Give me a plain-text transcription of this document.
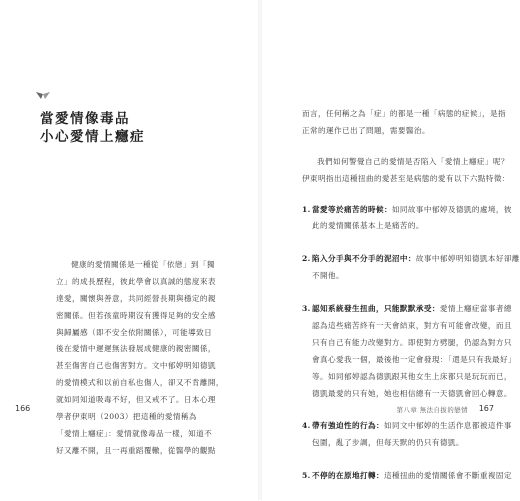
當愛情像毒品
小心愛情上癮症
健康的愛情關係是一種從「依戀」到「獨
立」的成長歷程，彼此學會以真誠的態度來表
達愛，關懷與善意，共同經營長期與穩定的親
密關係。但若孩童時期沒有獲得足夠的安全感
與歸屬感（即不安全依附關係），可能導致日
後在愛情中遲遲無法發展成健康的親密關係，
甚至傷害自己也傷害對方。文中郁婷明知德凱
的愛情模式和以前自私也傷人，卻又不肯離開，
就如同知道吸毒不好，但又戒不了。日本心理
學者伊東明（2003）把這種的愛情稱為
「愛情上癮症」：愛情就像毒品一樣，知道不
好又離不開，且一再重蹈覆轍，從醫學的觀點
166
而言，任何稱之為「症」的都是一種「病態的症候」，是指
正常的運作已出了問題，需要醫治。
我們如何警覺自己的愛情是否陷入「愛情上癮症」呢？
伊東明指出這種扭曲的愛甚至是病態的愛有以下六點特徵：
1. 當愛等於痛苦的時候：如同故事中郁婷及德凱的處境，彼
此的愛情關係基本上是痛苦的。
2. 陷入分手與不分手的泥沼中：故事中郁婷明知德凱本好卻離
不開他。
3. 認知系統發生扭曲，只能默默承受：愛情上癮症當事者總
認為這些痛苦終有一天會結束，對方有可能會改變，而且
只有自己有能力改變對方。即使對方劈腿，仍認為對方只
會真心愛我一個，最後他一定會發現：「還是只有我最好」
等。如同郁婷認為德凱跟其他女生上床都只是玩玩而已，
德凱最愛的只有她，她也相信總有一天德凱會回心轉意。
4. 帶有強迫性的行為：如同文中郁婷的生活作息都被這件事
包圍，亂了步調，但每天默的仍只有德凱。
5. 不停的在原地打轉：這種扭曲的愛情關係會不斷重複固定
第八章 無法自拔的戀情 167
